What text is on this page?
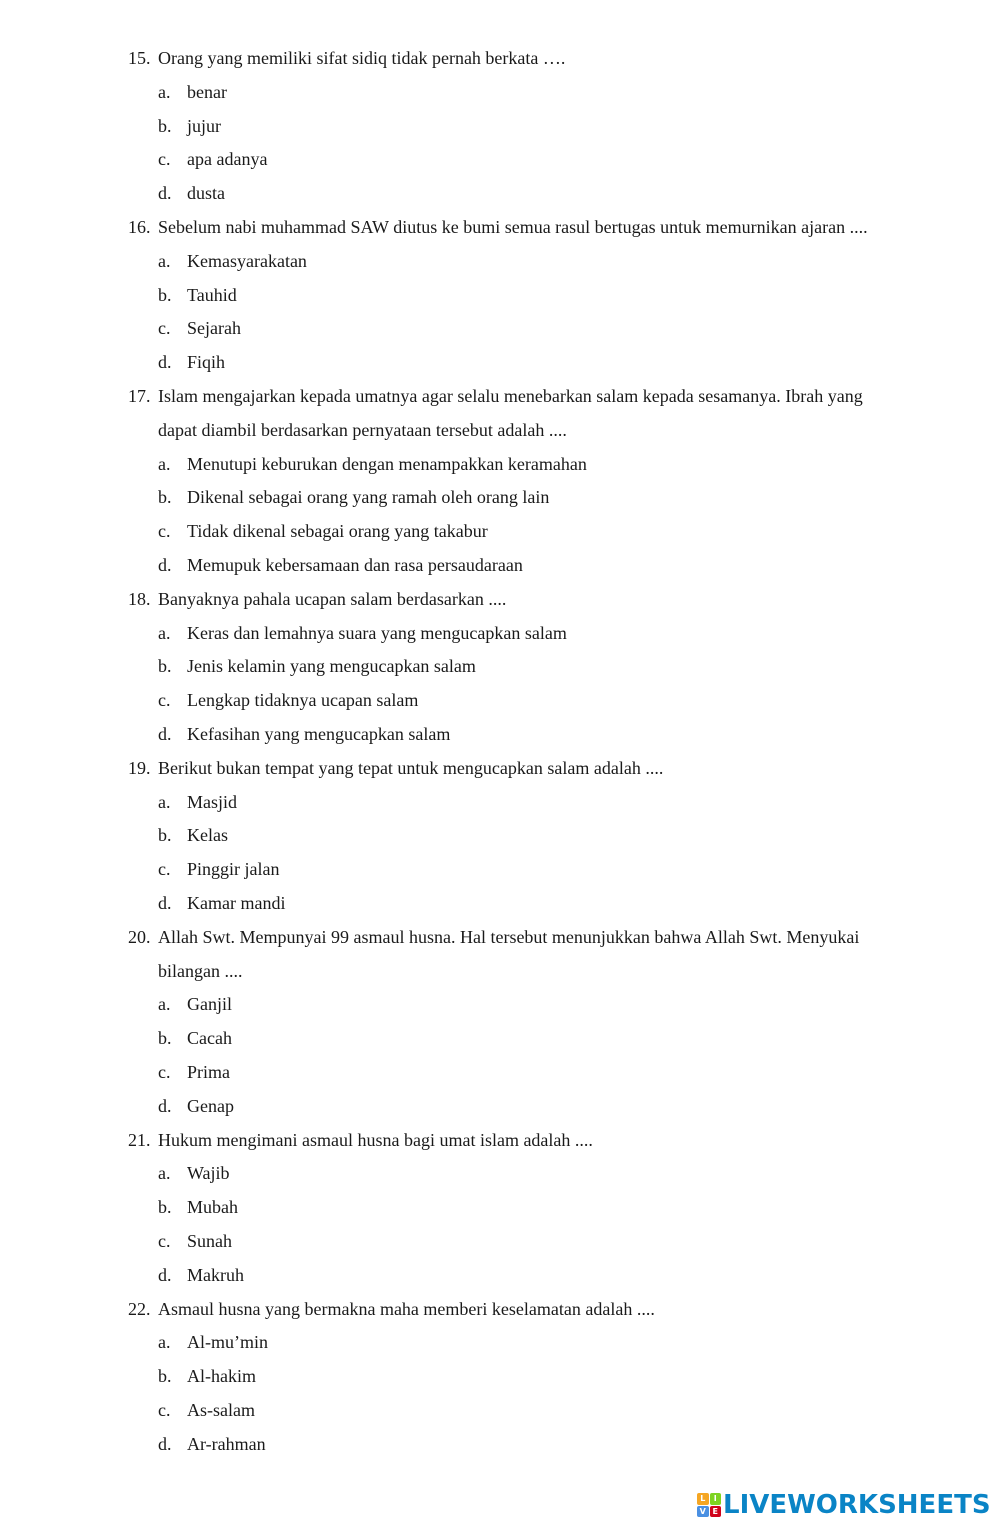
15. Orang yang memiliki sifat sidiq tidak pernah berkata ….
a. benar
b. jujur
c. apa adanya
d. dusta
16. Sebelum nabi muhammad SAW diutus ke bumi semua rasul bertugas untuk memurnikan ajaran ....
a. Kemasyarakatan
b. Tauhid
c. Sejarah
d. Fiqih
17. Islam mengajarkan kepada umatnya agar selalu menebarkan salam kepada sesamanya. Ibrah yang
dapat diambil berdasarkan pernyataan tersebut adalah ....
a. Menutupi keburukan dengan menampakkan keramahan
b. Dikenal sebagai orang yang ramah oleh orang lain
c. Tidak dikenal sebagai orang yang takabur
d. Memupuk kebersamaan dan rasa persaudaraan
18. Banyaknya pahala ucapan salam berdasarkan ....
a. Keras dan lemahnya suara yang mengucapkan salam
b. Jenis kelamin yang mengucapkan salam
c. Lengkap tidaknya ucapan salam
d. Kefasihan yang mengucapkan salam
19. Berikut bukan tempat yang tepat untuk mengucapkan salam adalah ....
a. Masjid
b. Kelas
c. Pinggir jalan
d. Kamar mandi
20. Allah Swt. Mempunyai 99 asmaul husna. Hal tersebut menunjukkan bahwa Allah Swt. Menyukai
bilangan ....
a. Ganjil
b. Cacah
c. Prima
d. Genap
21. Hukum mengimani asmaul husna bagi umat islam adalah ....
a. Wajib
b. Mubah
c. Sunah
d. Makruh
22. Asmaul husna yang bermakna maha memberi keselamatan adalah ....
a. Al-mu’min
b. Al-hakim
c. As-salam
d. Ar-rahman
L	I
V E LIVEWORKSHEETS
